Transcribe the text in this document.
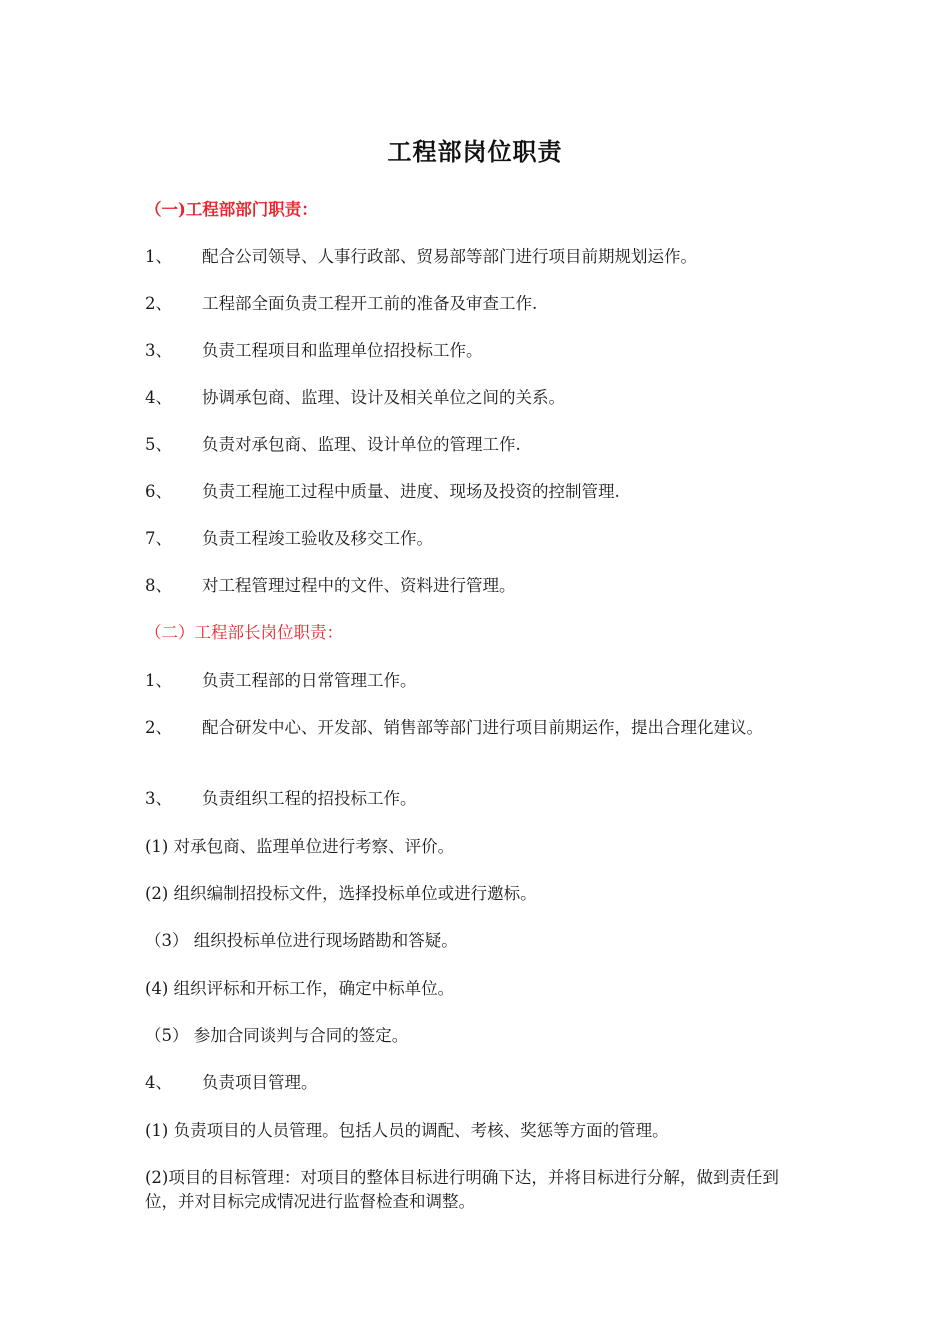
工程部岗位职责
（一)工程部部门职责：
1、 配合公司领导、人事行政部、贸易部等部门进行项目前期规划运作。
2、 工程部全面负责工程开工前的准备及审查工作.
3、 负责工程项目和监理单位招投标工作。
4、 协调承包商、监理、设计及相关单位之间的关系。
5、 负责对承包商、监理、设计单位的管理工作.
6、 负责工程施工过程中质量、进度、现场及投资的控制管理.
7、 负责工程竣工验收及移交工作。
8、 对工程管理过程中的文件、资料进行管理。
（二）工程部长岗位职责：
1、 负责工程部的日常管理工作。
2、 配合研发中心、开发部、销售部等部门进行项目前期运作，提出合理化建议。
3、 负责组织工程的招投标工作。
(1) 对承包商、监理单位进行考察、评价。
(2) 组织编制招投标文件，选择投标单位或进行邀标。
（3） 组织投标单位进行现场踏勘和答疑。
(4) 组织评标和开标工作，确定中标单位。
（5） 参加合同谈判与合同的签定。
4、 负责项目管理。
(1) 负责项目的人员管理。包括人员的调配、考核、奖惩等方面的管理。
(2)项目的目标管理：对项目的整体目标进行明确下达，并将目标进行分解，做到责任到位，并对目标完成情况进行监督检查和调整。
